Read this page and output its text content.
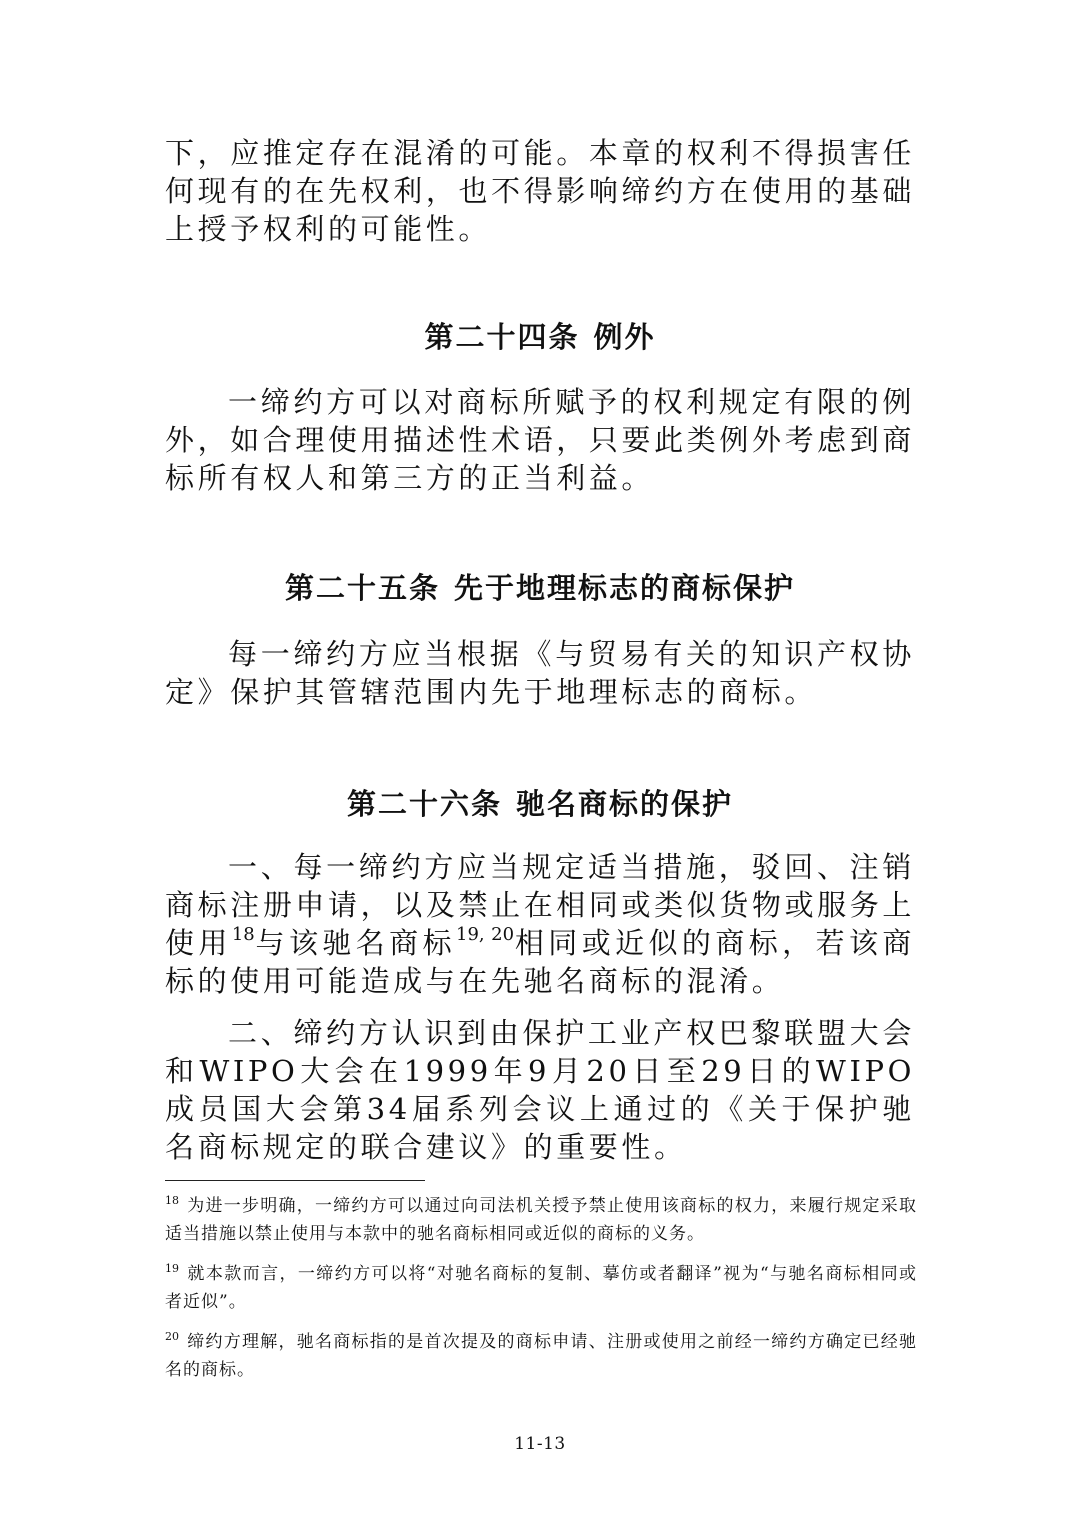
下，应推定存在混淆的可能。本章的权利不得损害任何现有的在先权利，也不得影响缔约方在使用的基础上授予权利的可能性。

第二十四条 例外

一缔约方可以对商标所赋予的权利规定有限的例外，如合理使用描述性术语，只要此类例外考虑到商标所有权人和第三方的正当利益。

第二十五条 先于地理标志的商标保护

每一缔约方应当根据《与贸易有关的知识产权协定》保护其管辖范围内先于地理标志的商标。

第二十六条 驰名商标的保护

一、每一缔约方应当规定适当措施，驳回、注销商标注册申请，以及禁止在相同或类似货物或服务上使用$^{18}$与该驰名商标$^{19, 20}$相同或近似的商标，若该商标的使用可能造成与在先驰名商标的混淆。

二、缔约方认识到由保护工业产权巴黎联盟大会和WIPO大会在1999年9月20日至29日的WIPO成员国大会第34届系列会议上通过的《关于保护驰名商标规定的联合建议》的重要性。

$^{18}$ 为进一步明确，一缔约方可以通过向司法机关授予禁止使用该商标的权力，来履行规定采取适当措施以禁止使用与本款中的驰名商标相同或近似的商标的义务。

$^{19}$ 就本款而言，一缔约方可以将“对驰名商标的复制、摹仿或者翻译”视为“与驰名商标相同或者近似”。

$^{20}$ 缔约方理解，驰名商标指的是首次提及的商标申请、注册或使用之前经一缔约方确定已经驰名的商标。

11-13
